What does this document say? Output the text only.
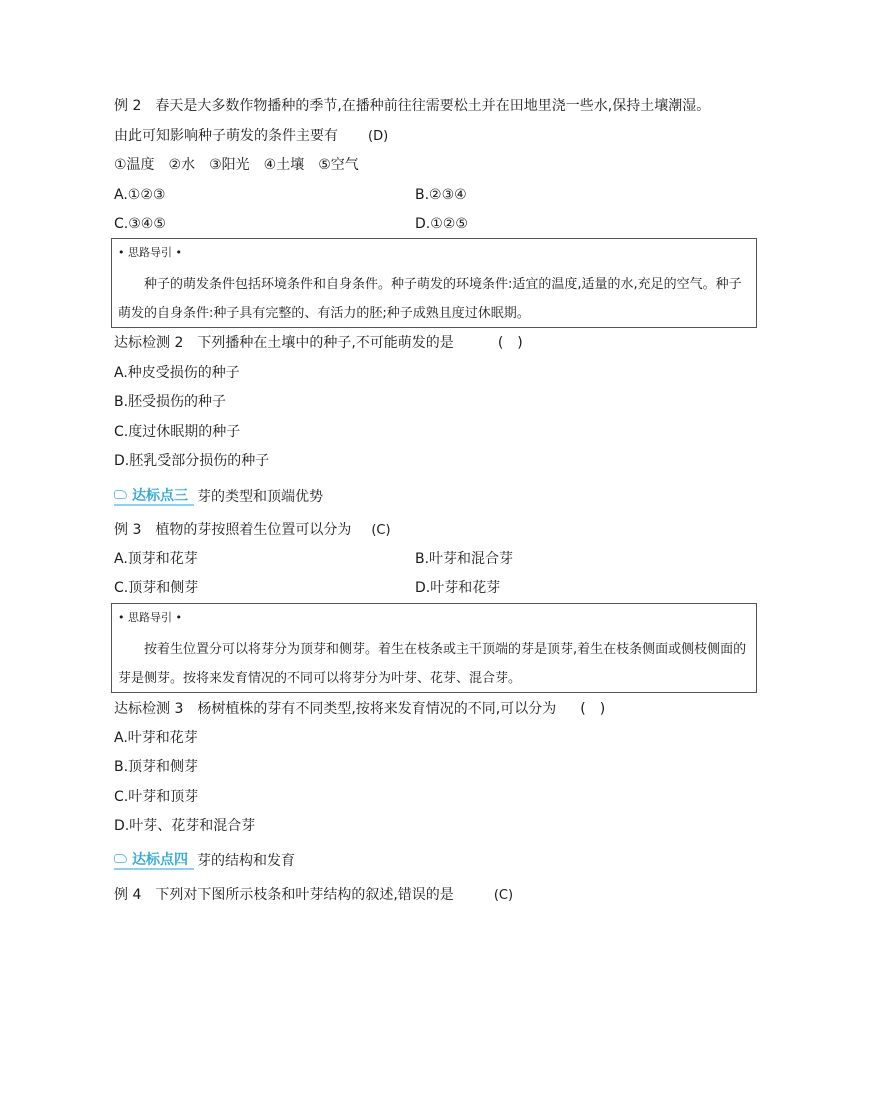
例 2　春天是大多数作物播种的季节,在播种前往往需要松土并在田地里浇一些水,保持土壤潮湿。
由此可知影响种子萌发的条件主要有 (D)
①温度　②水　③阳光　④土壤　⑤空气
A.①②③	B.②③④
C.③④⑤	D.①②⑤
• 思路导引 •
种子的萌发条件包括环境条件和自身条件。种子萌发的环境条件:适宜的温度,适量的水,充足的空气。种子萌发的自身条件:种子具有完整的、有活力的胚;种子成熟且度过休眠期。
达标检测 2　下列播种在土壤中的种子,不可能萌发的是	(　)
A.种皮受损伤的种子
B.胚受损伤的种子
C.度过休眠期的种子
D.胚乳受部分损伤的种子
达标点三 芽的类型和顶端优势
例 3　植物的芽按照着生位置可以分为 (C)
A.顶芽和花芽	B.叶芽和混合芽
C.顶芽和侧芽	D.叶芽和花芽
• 思路导引 •
按着生位置分可以将芽分为顶芽和侧芽。着生在枝条或主干顶端的芽是顶芽,着生在枝条侧面或侧枝侧面的芽是侧芽。按将来发育情况的不同可以将芽分为叶芽、花芽、混合芽。
达标检测 3　杨树植株的芽有不同类型,按将来发育情况的不同,可以分为 (　)
A.叶芽和花芽
B.顶芽和侧芽
C.叶芽和顶芽
D.叶芽、花芽和混合芽
达标点四 芽的结构和发育
例 4　下列对下图所示枝条和叶芽结构的叙述,错误的是	(C)
